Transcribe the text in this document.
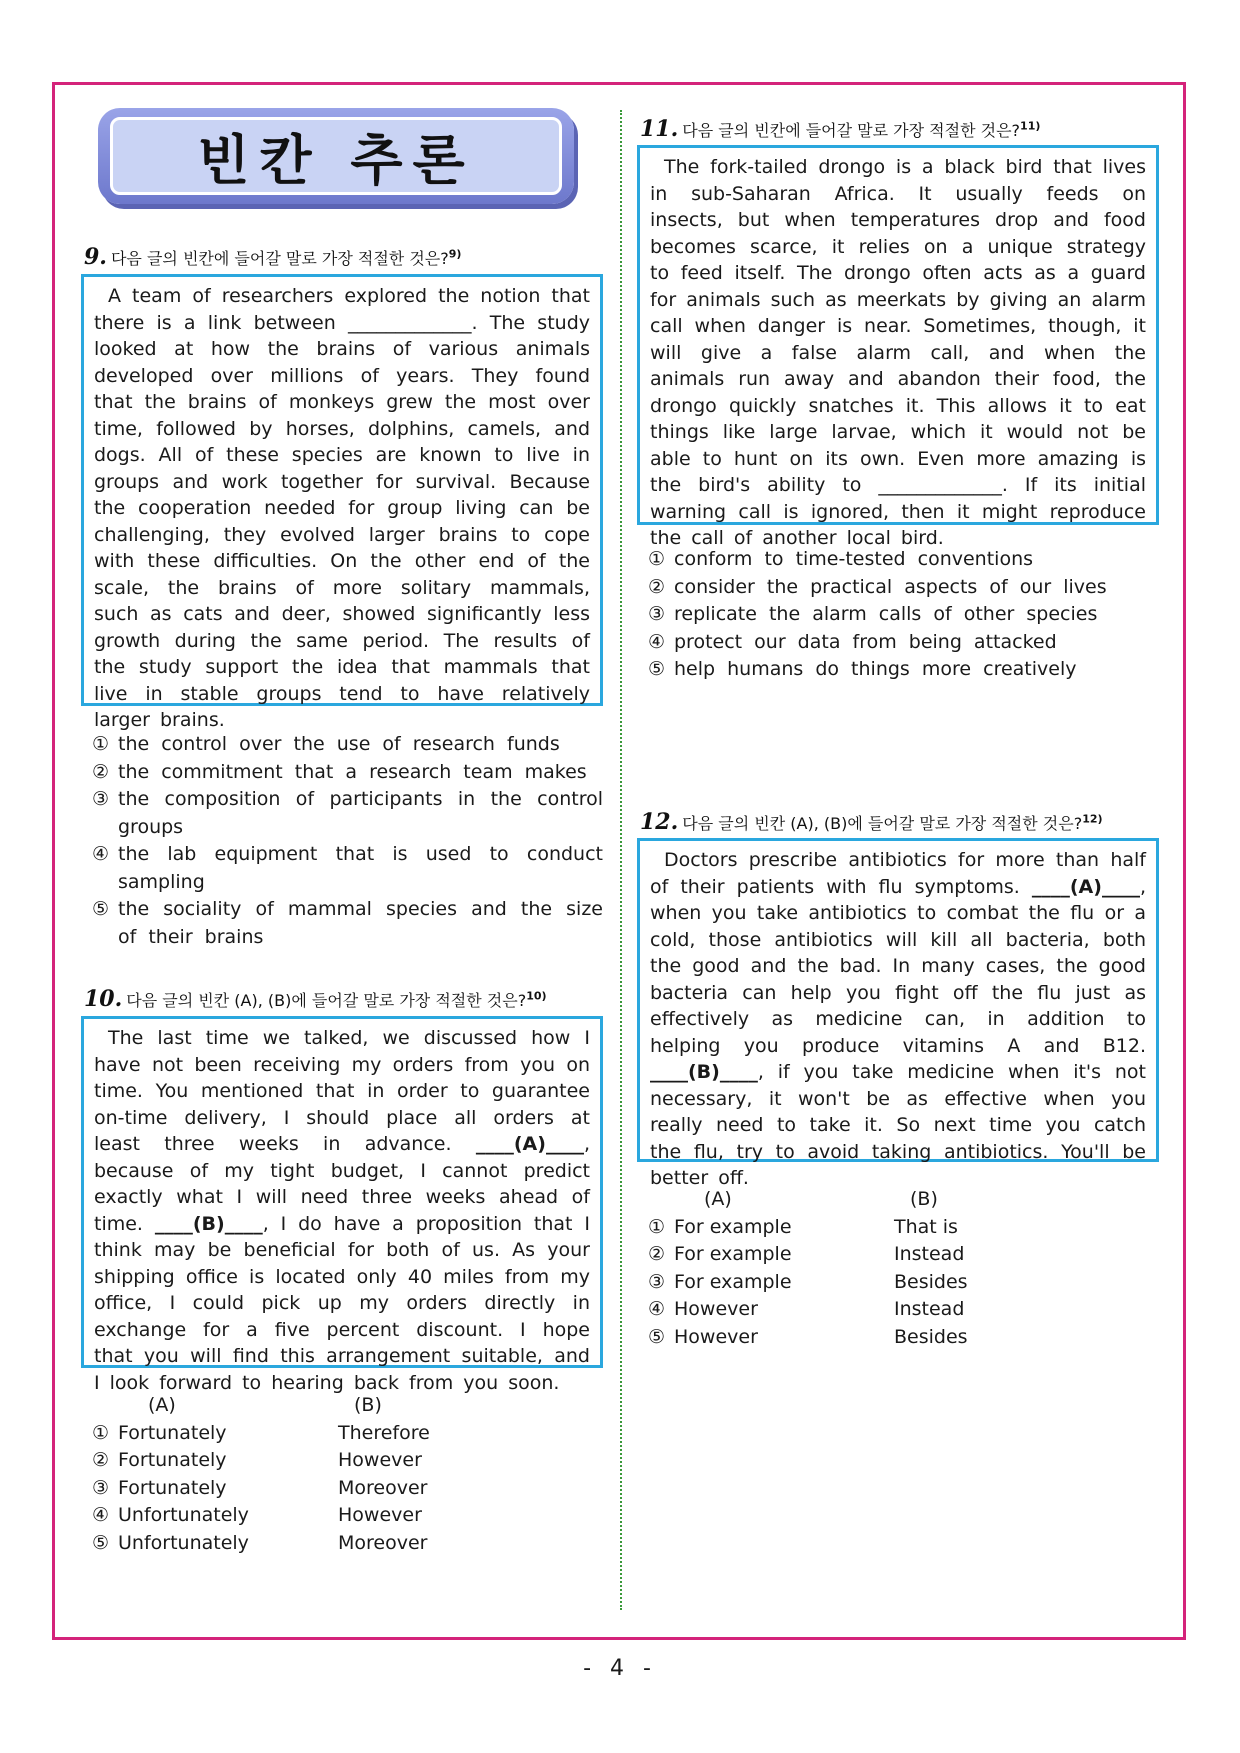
빈칸 추론
9. 다음 글의 빈칸에 들어갈 말로 가장 적절한 것은?$^{9)}$

A team of researchers explored the notion that there is a link between _____________. The study looked at how the brains of various animals developed over millions of years. They found that the brains of monkeys grew the most over time, followed by horses, dolphins, camels, and dogs. All of these species are known to live in groups and work together for survival. Because the cooperation needed for group living can be challenging, they evolved larger brains to cope with these difficulties. On the other end of the scale, the brains of more solitary mammals, such as cats and deer, showed significantly less growth during the same period. The results of the study support the idea that mammals that live in stable groups tend to have relatively larger brains.

① the control over the use of research funds
② the commitment that a research team makes
③ the composition of participants in the control groups
④ the lab equipment that is used to conduct sampling
⑤ the sociality of mammal species and the size of their brains
10. 다음 글의 빈칸 (A), (B)에 들어갈 말로 가장 적절한 것은?$^{10)}$

The last time we talked, we discussed how I have not been receiving my orders from you on time. You mentioned that in order to guarantee on-time delivery, I should place all orders at least three weeks in advance. ____(A)____, because of my tight budget, I cannot predict exactly what I will need three weeks ahead of time. ____(B)____, I do have a proposition that I think may be beneficial for both of us. As your shipping office is located only 40 miles from my office, I could pick up my orders directly in exchange for a five percent discount. I hope that you will find this arrangement suitable, and I look forward to hearing back from you soon.

(A)	(B)
① Fortunately	Therefore
② Fortunately	However
③ Fortunately	Moreover
④ Unfortunately	However
⑤ Unfortunately	Moreover
11. 다음 글의 빈칸에 들어갈 말로 가장 적절한 것은?$^{11)}$

The fork-tailed drongo is a black bird that lives in sub-Saharan Africa. It usually feeds on insects, but when temperatures drop and food becomes scarce, it relies on a unique strategy to feed itself. The drongo often acts as a guard for animals such as meerkats by giving an alarm call when danger is near. Sometimes, though, it will give a false alarm call, and when the animals run away and abandon their food, the drongo quickly snatches it. This allows it to eat things like large larvae, which it would not be able to hunt on its own. Even more amazing is the bird's ability to _____________. If its initial warning call is ignored, then it might reproduce the call of another local bird.

① conform to time-tested conventions
② consider the practical aspects of our lives
③ replicate the alarm calls of other species
④ protect our data from being attacked
⑤ help humans do things more creatively
12. 다음 글의 빈칸 (A), (B)에 들어갈 말로 가장 적절한 것은?$^{12)}$

Doctors prescribe antibiotics for more than half of their patients with flu symptoms. ____(A)____, when you take antibiotics to combat the flu or a cold, those antibiotics will kill all bacteria, both the good and the bad. In many cases, the good bacteria can help you fight off the flu just as effectively as medicine can, in addition to helping you produce vitamins A and B12. ____(B)____, if you take medicine when it's not necessary, it won't be as effective when you really need to take it. So next time you catch the flu, try to avoid taking antibiotics. You'll be better off.

(A)	(B)
① For example	That is
② For example	Instead
③ For example	Besides
④ However	Instead
⑤ However	Besides
- 4 -
